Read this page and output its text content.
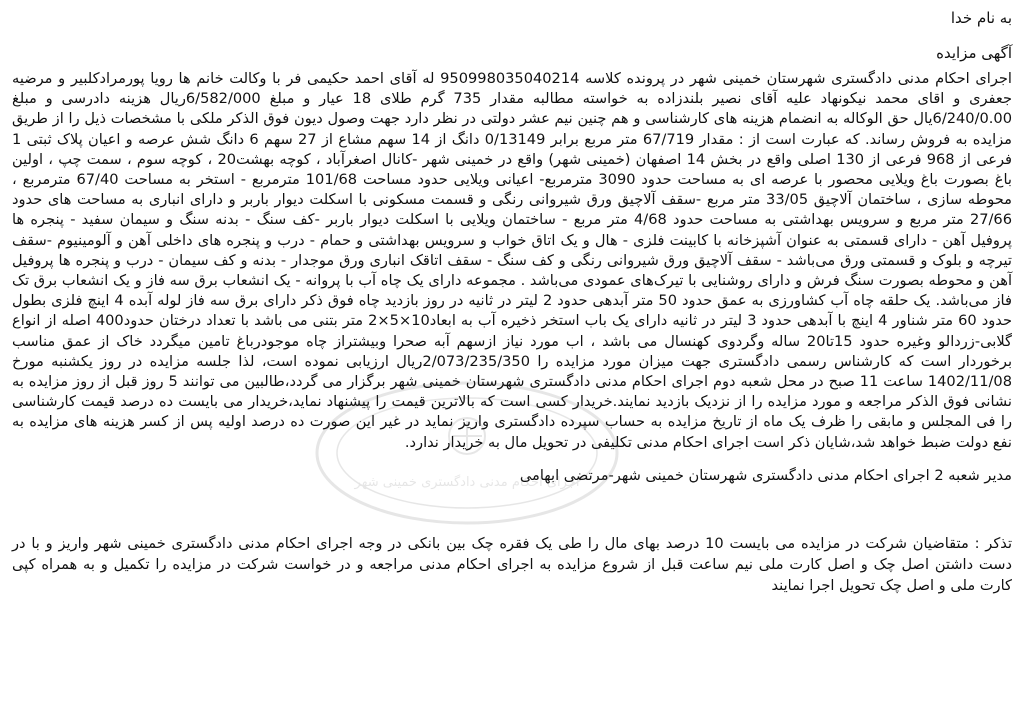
به نام خدا

آگهی مزایده

اجرای احکام مدنی دادگستری شهرستان خمینی شهر در پرونده کلاسه 950998035040214 له آقای احمد حکیمی فر با وکالت خانم ها رویا پورمرادکلبیر و مرضیه جعفری و اقای محمد نیکونهاد علیه آقای نصیر بلندزاده به خواسته مطالبه مقدار 735 گرم طلای 18 عیار و مبلغ 6/582/000ریال هزینه دادرسی و مبلغ 6/240/0.00یال حق الوکاله به انضمام هزینه های کارشناسی و هم چنین نیم عشر دولتی در نظر دارد جهت وصول دیون فوق الذکر ملکی با مشخصات ذیل را از طریق مزایده به فروش رساند. که عبارت است از : مقدار 67/719 متر مربع برابر 0/13149 دانگ از 14 سهم مشاع از 27 سهم 6 دانگ شش عرصه و اعیان پلاک ثبتی 1 فرعی از 968 فرعی از 130 اصلی واقع در بخش 14 اصفهان (خمینی شهر) واقع در خمینی شهر -کانال اصغرآباد ، کوچه بهشت20 ، کوچه سوم ، سمت چپ ، اولین باغ بصورت باغ ویلایی محصور با عرصه ای به مساحت حدود 3090 مترمربع- اعیانی ویلایی حدود مساحت 101/68 مترمربع - استخر به مساحت 67/40 مترمربع ، محوطه سازی ، ساختمان آلاچیق 33/05 متر مربع -سقف آلاچیق ورق شیروانی رنگی و قسمت مسکونی با اسکلت دیوار باربر و دارای انباری به مساحت های حدود 27/66 متر مربع و سرویس بهداشتی به مساحت حدود 4/68 متر مربع - ساختمان ویلایی با اسکلت دیوار باربر -کف سنگ - بدنه سنگ و سیمان سفید - پنجره ها پروفیل آهن - دارای قسمتی به عنوان آشپزخانه با کابینت فلزی - هال و یک اتاق خواب و سرویس بهداشتی و حمام - درب و پنجره های داخلی آهن و آلومینیوم -سقف تیرچه و بلوک و قسمتی ورق می‌باشد - سقف آلاچیق ورق شیروانی رنگی و کف سنگ - سقف اتاقک انباری ورق موجدار - بدنه و کف سیمان - درب و پنجره ها پروفیل آهن و محوطه بصورت سنگ فرش و دارای روشنایی با تیرک‌های عمودی می‌باشد . مجموعه دارای یک چاه آب با پروانه - یک انشعاب برق سه فاز و یک انشعاب برق تک فاز می‌باشد. یک حلقه چاه آب کشاورزی به عمق حدود 50 متر آبدهی حدود 2 لیتر در ثانیه در روز بازدید چاه فوق ذکر دارای برق سه فاز لوله آبده 4 اینچ فلزی بطول حدود 60 متر شناور 4 اینچ با آبدهی حدود 3 لیتر در ثانیه دارای یک باب استخر ذخیره آب به ابعاد10×5×2 متر بتنی می باشد با تعداد درختان حدود400 اصله از انواع گلابی-زردالو وغیره حدود 15تا20 ساله وگردوی کهنسال می باشد ، اب مورد نیاز ازسهم آبه صحرا وبیشتراز چاه موجودرباغ تامین میگردد خاک از عمق مناسب برخوردار است که کارشناس رسمی دادگستری جهت میزان مورد مزایده را 2/073/235/350ریال ارزیابی نموده است، لذا جلسه مزایده در روز یکشنبه مورخ 1402/11/08 ساعت 11 صبح در محل شعبه دوم اجرای احکام مدنی دادگستری شهرستان خمینی شهر برگزار می گردد،طالبین می توانند 5 روز قبل از روز مزایده به نشانی فوق الذکر مراجعه و مورد مزایده را از نزدیک بازدید نمایند.خریدار کسی است که بالاترین قیمت را پیشنهاد نماید،خریدار می بایست ده درصد قیمت کارشناسی را فی المجلس و مابقی را ظرف یک ماه از تاریخ مزایده به حساب سپرده دادگستری واریز نماید در غیر این صورت ده درصد اولیه پس از کسر هزینه های مزایده به نفع دولت ضبط خواهد شد،شایان ذکر است اجرای احکام مدنی تکلیفی در تحویل مال به خریدار ندارد.

مدیر شعبه 2 اجرای احکام مدنی دادگستری شهرستان خمینی شهر-مرتضی ابهامی

تذکر : متقاضیان شرکت در مزایده می بایست 10 درصد بهای مال را طی یک فقره چک بین بانکی در وجه اجرای احکام مدنی دادگستری خمینی شهر واریز و با در دست داشتن اصل چک و اصل کارت ملی نیم ساعت قبل از شروع مزایده به اجرای احکام مدنی مراجعه و در خواست شرکت در مزایده را تکمیل و به همراه کپی کارت ملی و اصل چک تحویل اجرا نمایند

اجرای احکام مدنی دادگستری خمینی شهر
